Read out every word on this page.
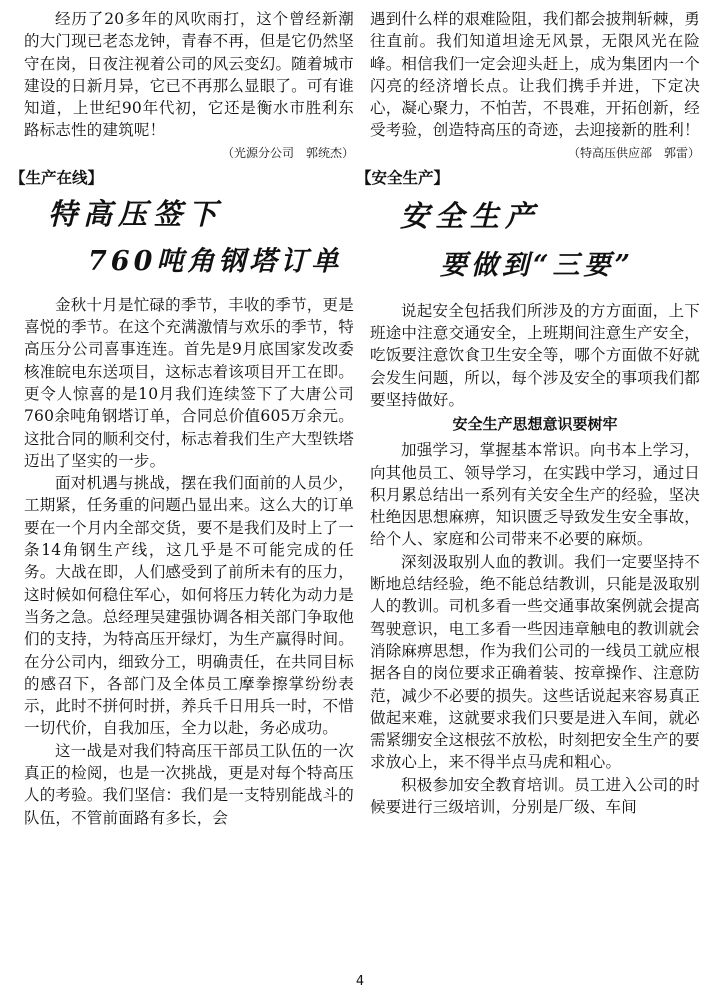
经历了20多年的风吹雨打，这个曾经新潮的大门现已老态龙钟，青春不再，但是它仍然坚守在岗，日夜注视着公司的风云变幻。随着城市建设的日新月异，它已不再那么显眼了。可有谁知道，上世纪90年代初，它还是衡水市胜利东路标志性的建筑呢！

（光源分公司　郭统杰）
【生产在线】
特高压签下
760吨角钢塔订单

金秋十月是忙碌的季节，丰收的季节，更是喜悦的季节。在这个充满激情与欢乐的季节，特高压分公司喜事连连。首先是9月底国家发改委核准皖电东送项目，这标志着该项目开工在即。更令人惊喜的是10月我们连续签下了大唐公司760余吨角钢塔订单，合同总价值605万余元。这批合同的顺利交付，标志着我们生产大型铁塔迈出了坚实的一步。

面对机遇与挑战，摆在我们面前的人员少，工期紧，任务重的问题凸显出来。这么大的订单要在一个月内全部交货，要不是我们及时上了一条14角钢生产线，这几乎是不可能完成的任务。大战在即，人们感受到了前所未有的压力，这时候如何稳住军心，如何将压力转化为动力是当务之急。总经理吴建强协调各相关部门争取他们的支持，为特高压开绿灯，为生产赢得时间。在分公司内，细致分工，明确责任，在共同目标的感召下，各部门及全体员工摩拳擦掌纷纷表示，此时不拼何时拼，养兵千日用兵一时，不惜一切代价，自我加压，全力以赴，务必成功。

这一战是对我们特高压干部员工队伍的一次真正的检阅，也是一次挑战，更是对每个特高压人的考验。我们坚信：我们是一支特别能战斗的队伍，不管前面路有多长，会

遇到什么样的艰难险阻，我们都会披荆斩棘，勇往直前。我们知道坦途无风景，无限风光在险峰。相信我们一定会迎头赶上，成为集团内一个闪亮的经济增长点。让我们携手并进，下定决心，凝心聚力，不怕苦，不畏难，开拓创新，经受考验，创造特高压的奇迹，去迎接新的胜利！

（特高压供应部　郭雷）
【安全生产】
安全生产
要做到“三要”

说起安全包括我们所涉及的方方面面，上下班途中注意交通安全，上班期间注意生产安全，吃饭要注意饮食卫生安全等，哪个方面做不好就会发生问题，所以，每个涉及安全的事项我们都要坚持做好。

安全生产思想意识要树牢

加强学习，掌握基本常识。向书本上学习，向其他员工、领导学习，在实践中学习，通过日积月累总结出一系列有关安全生产的经验，坚决杜绝因思想麻痹，知识匮乏导致发生安全事故，给个人、家庭和公司带来不必要的麻烦。

深刻汲取别人血的教训。我们一定要坚持不断地总结经验，绝不能总结教训，只能是汲取别人的教训。司机多看一些交通事故案例就会提高驾驶意识，电工多看一些因违章触电的教训就会消除麻痹思想，作为我们公司的一线员工就应根据各自的岗位要求正确着装、按章操作、注意防范，减少不必要的损失。这些话说起来容易真正做起来难，这就要求我们只要是进入车间，就必需紧绷安全这根弦不放松，时刻把安全生产的要求放心上，来不得半点马虎和粗心。

积极参加安全教育培训。员工进入公司的时候要进行三级培训，分别是厂级、车间

4
